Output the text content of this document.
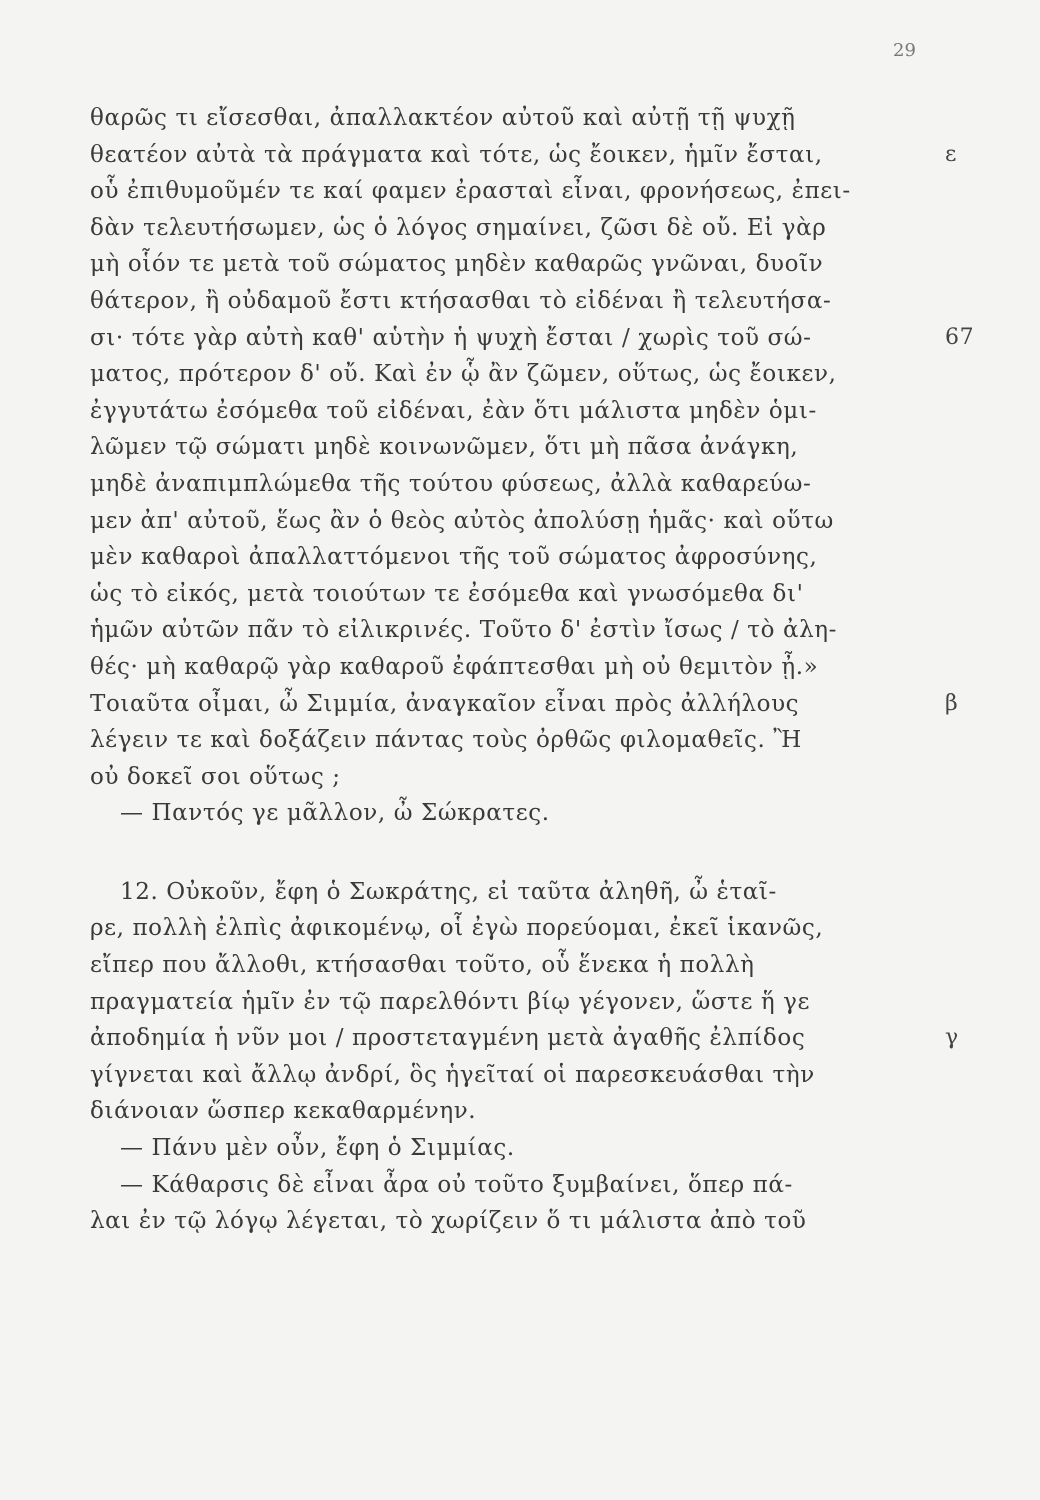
29
θαρῶς τι εἴσεσθαι, ἀπαλλακτέον αὐτοῦ καὶ αὐτῇ τῇ ψυχῇ
θεατέον αὐτὰ τὰ πράγματα καὶ τότε, ὡς ἔοικεν, ἡμῖν ἔσται,	ε
οὗ ἐπιθυμοῦμέν τε καί φαμεν ἐρασταὶ εἶναι, φρονήσεως, ἐπει-
δὰν τελευτήσωμεν, ὡς ὁ λόγος σημαίνει, ζῶσι δὲ οὔ. Εἰ γὰρ
μὴ οἷόν τε μετὰ τοῦ σώματος μηδὲν καθαρῶς γνῶναι, δυοῖν
θάτερον, ἢ οὐδαμοῦ ἔστι κτήσασθαι τὸ εἰδέναι ἢ τελευτήσα-
σι· τότε γὰρ αὐτὴ καθ' αὑτὴν ἡ ψυχὴ ἔσται / χωρὶς τοῦ σώ-	67
ματος, πρότερον δ' οὔ. Καὶ ἐν ᾧ ἂν ζῶμεν, οὕτως, ὡς ἔοικεν,
ἐγγυτάτω ἐσόμεθα τοῦ εἰδέναι, ἐὰν ὅτι μάλιστα μηδὲν ὁμι-
λῶμεν τῷ σώματι μηδὲ κοινωνῶμεν, ὅτι μὴ πᾶσα ἀνάγκη,
μηδὲ ἀναπιμπλώμεθα τῆς τούτου φύσεως, ἀλλὰ καθαρεύω-
μεν ἀπ' αὐτοῦ, ἕως ἂν ὁ θεὸς αὐτὸς ἀπολύσῃ ἡμᾶς· καὶ οὕτω
μὲν καθαροὶ ἀπαλλαττόμενοι τῆς τοῦ σώματος ἀφροσύνης,
ὡς τὸ εἰκός, μετὰ τοιούτων τε ἐσόμεθα καὶ γνωσόμεθα δι'
ἡμῶν αὐτῶν πᾶν τὸ εἰλικρινές. Τοῦτο δ' ἐστὶν ἴσως / τὸ ἀλη-
θές· μὴ καθαρῷ γὰρ καθαροῦ ἐφάπτεσθαι μὴ οὐ θεμιτὸν ᾖ.»
Τοιαῦτα οἶμαι, ὦ Σιμμία, ἀναγκαῖον εἶναι πρὸς ἀλλήλους	β
λέγειν τε καὶ δοξάζειν πάντας τοὺς ὀρθῶς φιλομαθεῖς. Ἢ
οὐ δοκεῖ σοι οὕτως ;
— Παντός γε μᾶλλον, ὦ Σώκρατες.
12. Οὐκοῦν, ἔφη ὁ Σωκράτης, εἰ ταῦτα ἀληθῆ, ὦ ἑταῖ-
ρε, πολλὴ ἐλπὶς ἀφικομένῳ, οἷ ἐγὼ πορεύομαι, ἐκεῖ ἱκανῶς,
εἴπερ που ἄλλοθι, κτήσασθαι τοῦτο, οὗ ἕνεκα ἡ πολλὴ
πραγματεία ἡμῖν ἐν τῷ παρελθόντι βίῳ γέγονεν, ὥστε ἥ γε
ἀποδημία ἡ νῦν μοι / προστεταγμένη μετὰ ἀγαθῆς ἐλπίδος	γ
γίγνεται καὶ ἄλλῳ ἀνδρί, ὃς ἡγεῖταί οἱ παρεσκευάσθαι τὴν
διάνοιαν ὥσπερ κεκαθαρμένην.
— Πάνυ μὲν οὖν, ἔφη ὁ Σιμμίας.
— Κάθαρσις δὲ εἶναι ἆρα οὐ τοῦτο ξυμβαίνει, ὅπερ πά-
λαι ἐν τῷ λόγῳ λέγεται, τὸ χωρίζειν ὅ τι μάλιστα ἀπὸ τοῦ
